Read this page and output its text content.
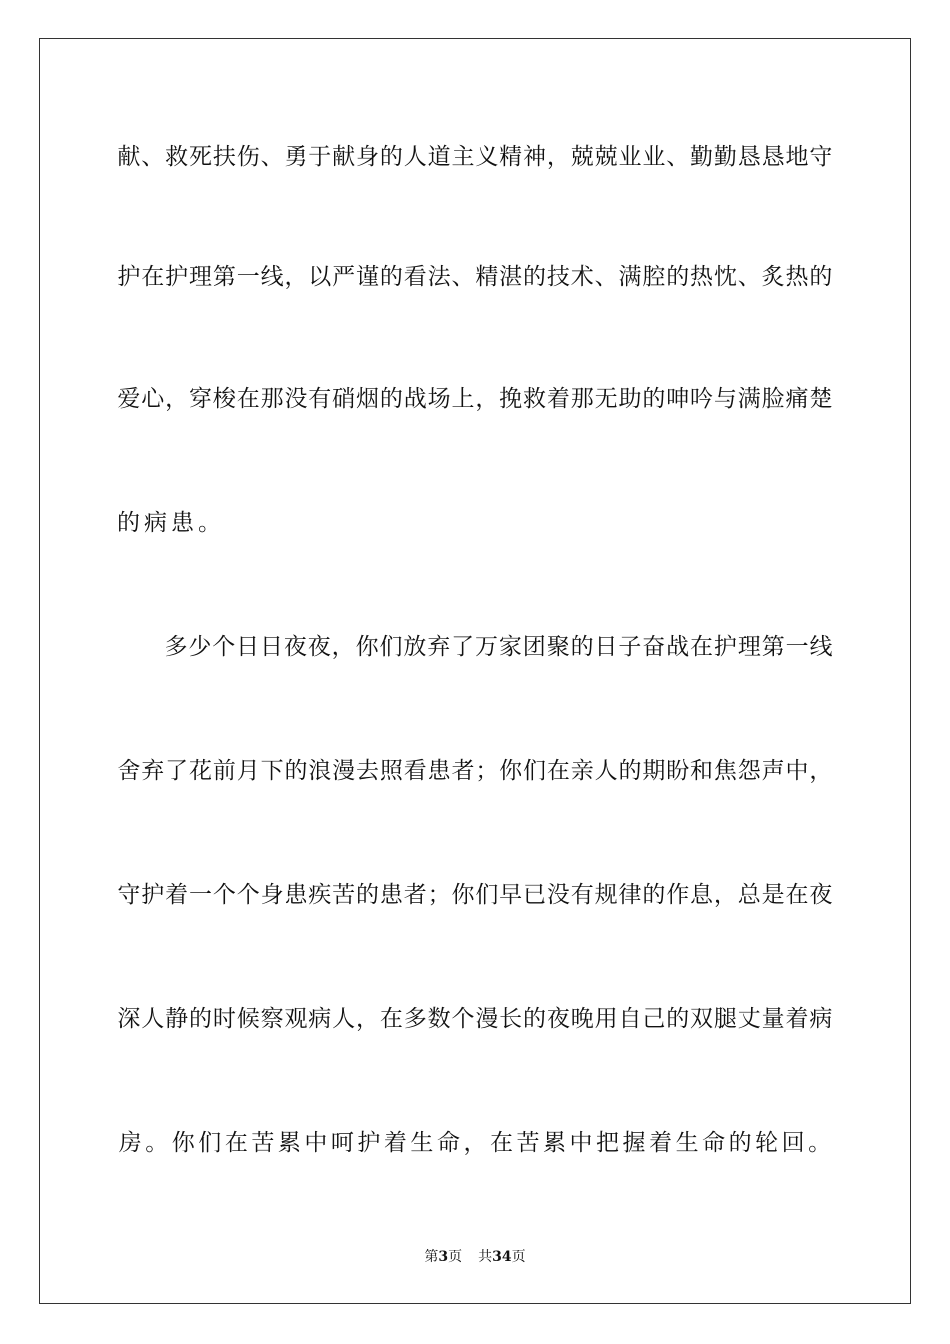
献、救死扶伤、勇于献身的人道主义精神，兢兢业业、勤勤恳恳地守
护在护理第一线，以严谨的看法、精湛的技术、满腔的热忱、炙热的
爱心，穿梭在那没有硝烟的战场上，挽救着那无助的呻吟与满脸痛楚
的病患。
多少个日日夜夜，你们放弃了万家团聚的日子奋战在护理第一线
舍弃了花前月下的浪漫去照看患者；你们在亲人的期盼和焦怨声中，
守护着一个个身患疾苦的患者；你们早已没有规律的作息，总是在夜
深人静的时候察观病人，在多数个漫长的夜晚用自己的双腿丈量着病
房 。 你 们 在 苦 累 中 呵 护 着 生 命 ， 在 苦 累 中 把 握 着 生 命 的 轮 回 。
第3页 共34页
